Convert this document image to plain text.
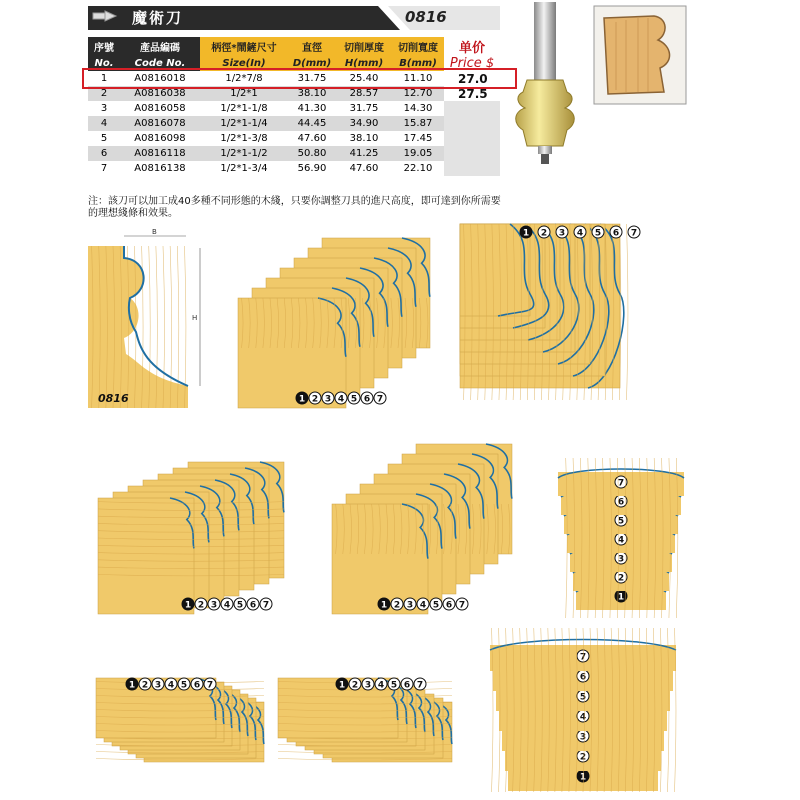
魔術刀	0816
序號	產品編碼	柄徑*鬧鏟尺寸	直徑	切削厚度	切削寬度	单价
No.	Code No.	Size(In)	D(mm)	H(mm)	B(mm)	Price $
1	A0816018	1/2*7/8	31.75	25.40	11.10	27.0
2	A0816038	1/2*1	38.10	28.57	12.70	27.5
3	A0816058	1/2*1-1/8	41.30	31.75	14.30	
4	A0816078	1/2*1-1/4	44.45	34.90	15.87	
5	A0816098	1/2*1-3/8	47.60	38.10	17.45	
6	A0816118	1/2*1-1/2	50.80	41.25	19.05	
7	A0816138	1/2*1-3/4	56.90	47.60	22.10	
注：該刀可以加工成40多種不同形態的木綫，只要你調整刀具的進尺高度，即可達到你所需要的理想綫條和效果。
B
H
0816	1 2 3 4 5 6 7
1 2 3 4 5 6 7
1 2 3 4 5 6 7	1 2 3 4 5 6 7
1
2
3
4
5
6
7
1 2 3 4 5 6 7	1 2 3 4 5 6 7
1
2
3
4
5
6
7
